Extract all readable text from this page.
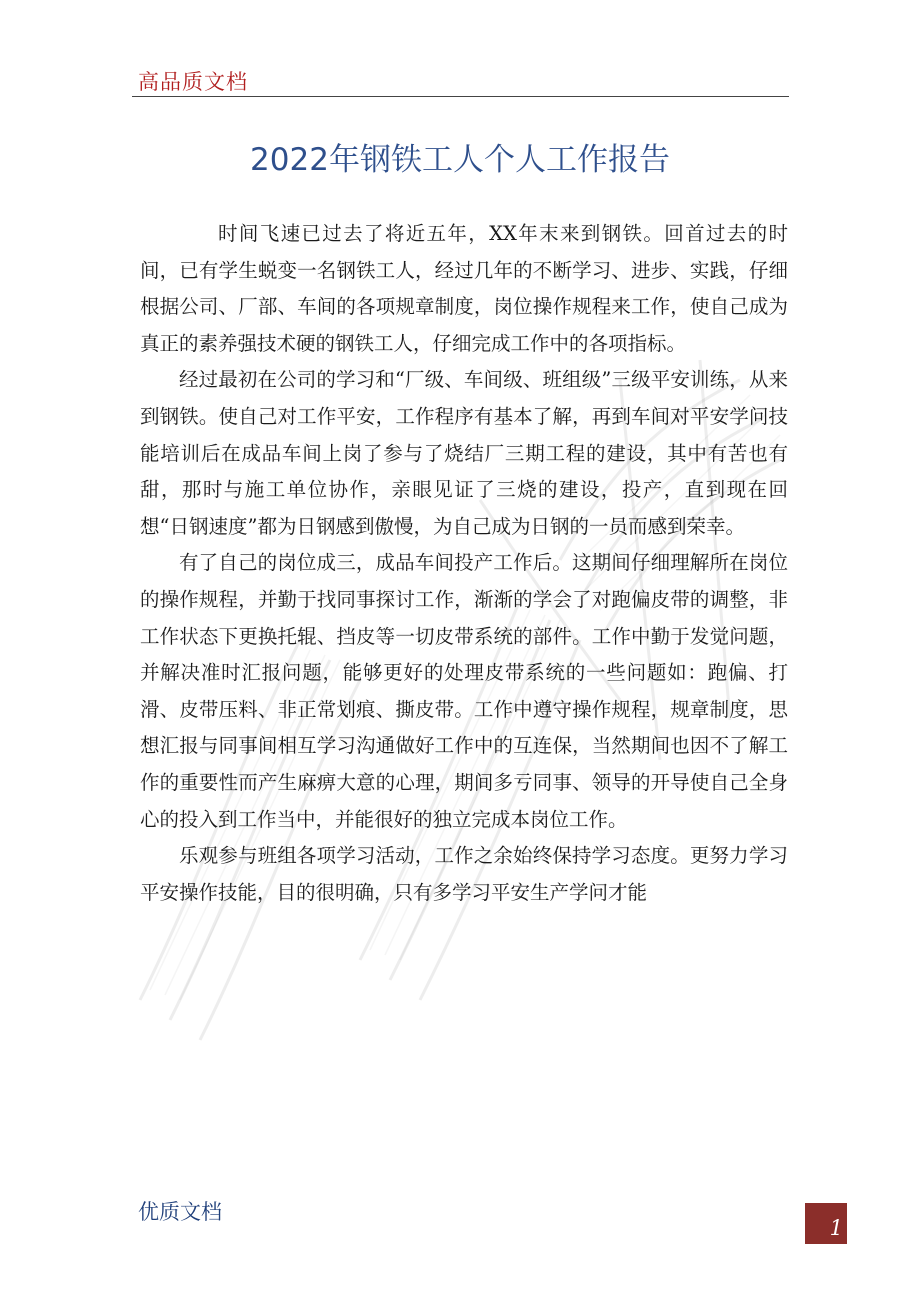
高品质文档
2022年钢铁工人个人工作报告

时间飞速已过去了将近五年，XX年末来到钢铁。回首过去的时间，已有学生蜕变一名钢铁工人，经过几年的不断学习、进步、实践，仔细根据公司、厂部、车间的各项规章制度，岗位操作规程来工作，使自己成为真正的素养强技术硬的钢铁工人，仔细完成工作中的各项指标。

经过最初在公司的学习和“厂级、车间级、班组级”三级平安训练，从来到钢铁。使自己对工作平安，工作程序有基本了解，再到车间对平安学问技能培训后在成品车间上岗了参与了烧结厂三期工程的建设，其中有苦也有甜，那时与施工单位协作，亲眼见证了三烧的建设，投产，直到现在回想“日钢速度”都为日钢感到傲慢，为自己成为日钢的一员而感到荣幸。

有了自己的岗位成三，成品车间投产工作后。这期间仔细理解所在岗位的操作规程，并勤于找同事探讨工作，渐渐的学会了对跑偏皮带的调整，非工作状态下更换托辊、挡皮等一切皮带系统的部件。工作中勤于发觉问题，并解决准时汇报问题，能够更好的处理皮带系统的一些问题如：跑偏、打滑、皮带压料、非正常划痕、撕皮带。工作中遵守操作规程，规章制度，思想汇报与同事间相互学习沟通做好工作中的互连保，当然期间也因不了解工作的重要性而产生麻痹大意的心理，期间多亏同事、领导的开导使自己全身心的投入到工作当中，并能很好的独立完成本岗位工作。

乐观参与班组各项学习活动，工作之余始终保持学习态度。更努力学习平安操作技能，目的很明确，只有多学习平安生产学问才能

优质文档
1
